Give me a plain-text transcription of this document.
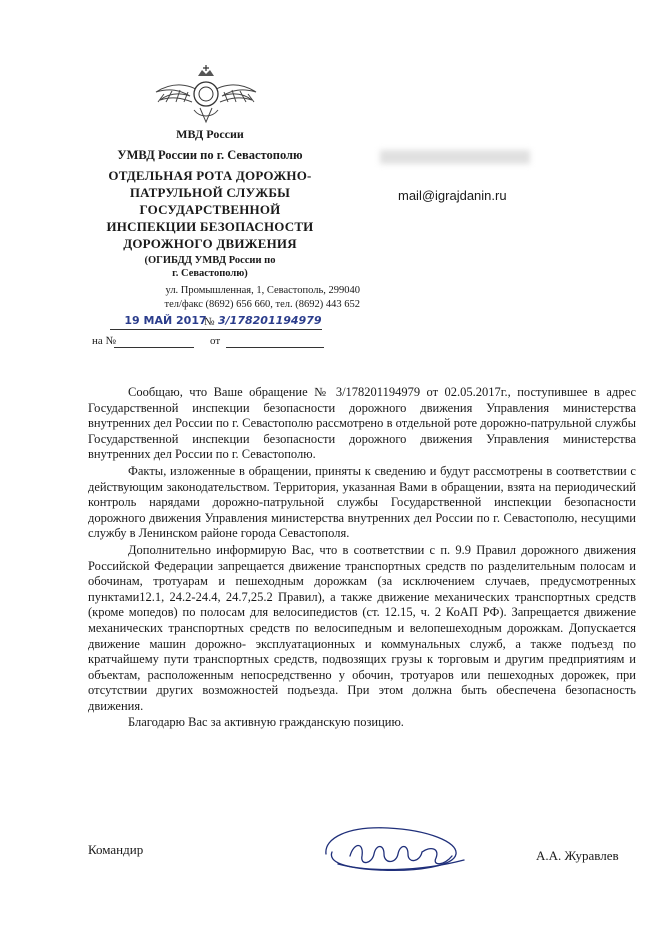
МВД России
УМВД России по г. Севастополю
ОТДЕЛЬНАЯ РОТА ДОРОЖНО-
ПАТРУЛЬНОЙ СЛУЖБЫ
ГОСУДАРСТВЕННОЙ
ИНСПЕКЦИИ БЕЗОПАСНОСТИ
ДОРОЖНОГО ДВИЖЕНИЯ
(ОГИБДД УМВД России по
г. Севастополю)
ул. Промышленная, 1, Севастополь, 299040
тел/факс (8692) 656 660, тел. (8692) 443 652
19 МАЙ 2017
№ 3/178201194979
на №	от
mail@igrajdanin.ru

Сообщаю, что Ваше обращение № 3/178201194979 от 02.05.2017г., поступившее в адрес Государственной инспекции безопасности дорожного движения Управления министерства внутренних дел России по г. Севастополю рассмотрено в отдельной роте дорожно-патрульной службы Государственной инспекции безопасности дорожного движения Управления министерства внутренних дел России по г. Севастополю.

Факты, изложенные в обращении, приняты к сведению и будут рассмотрены в соответствии с действующим законодательством. Территория, указанная Вами в обращении, взята на периодический контроль нарядами дорожно-патрульной службы Государственной инспекции безопасности дорожного движения Управления министерства внутренних дел России по г. Севастополю, несущими службу в Ленинском районе города Севастополя.

Дополнительно информирую Вас, что в соответствии с п. 9.9 Правил дорожного движения Российской Федерации запрещается движение транспортных средств по разделительным полосам и обочинам, тротуарам и пешеходным дорожкам (за исключением случаев, предусмотренных пунктами12.1, 24.2-24.4, 24.7,25.2 Правил), а также движение механических транспортных средств (кроме мопедов) по полосам для велосипедистов (ст. 12.15, ч. 2 КоАП РФ). Запрещается движение механических транспортных средств по велосипедным и велопешеходным дорожкам. Допускается движение машин дорожно- эксплуатационных и коммунальных служб, а также подъезд по кратчайшему пути транспортных средств, подвозящих грузы к торговым и другим предприятиям и объектам, расположенным непосредственно у обочин, тротуаров или пешеходных дорожек, при отсутствии других возможностей подъезда. При этом должна быть обеспечена безопасность движения.

Благодарю Вас за активную гражданскую позицию.

Командир	А.А. Журавлев
